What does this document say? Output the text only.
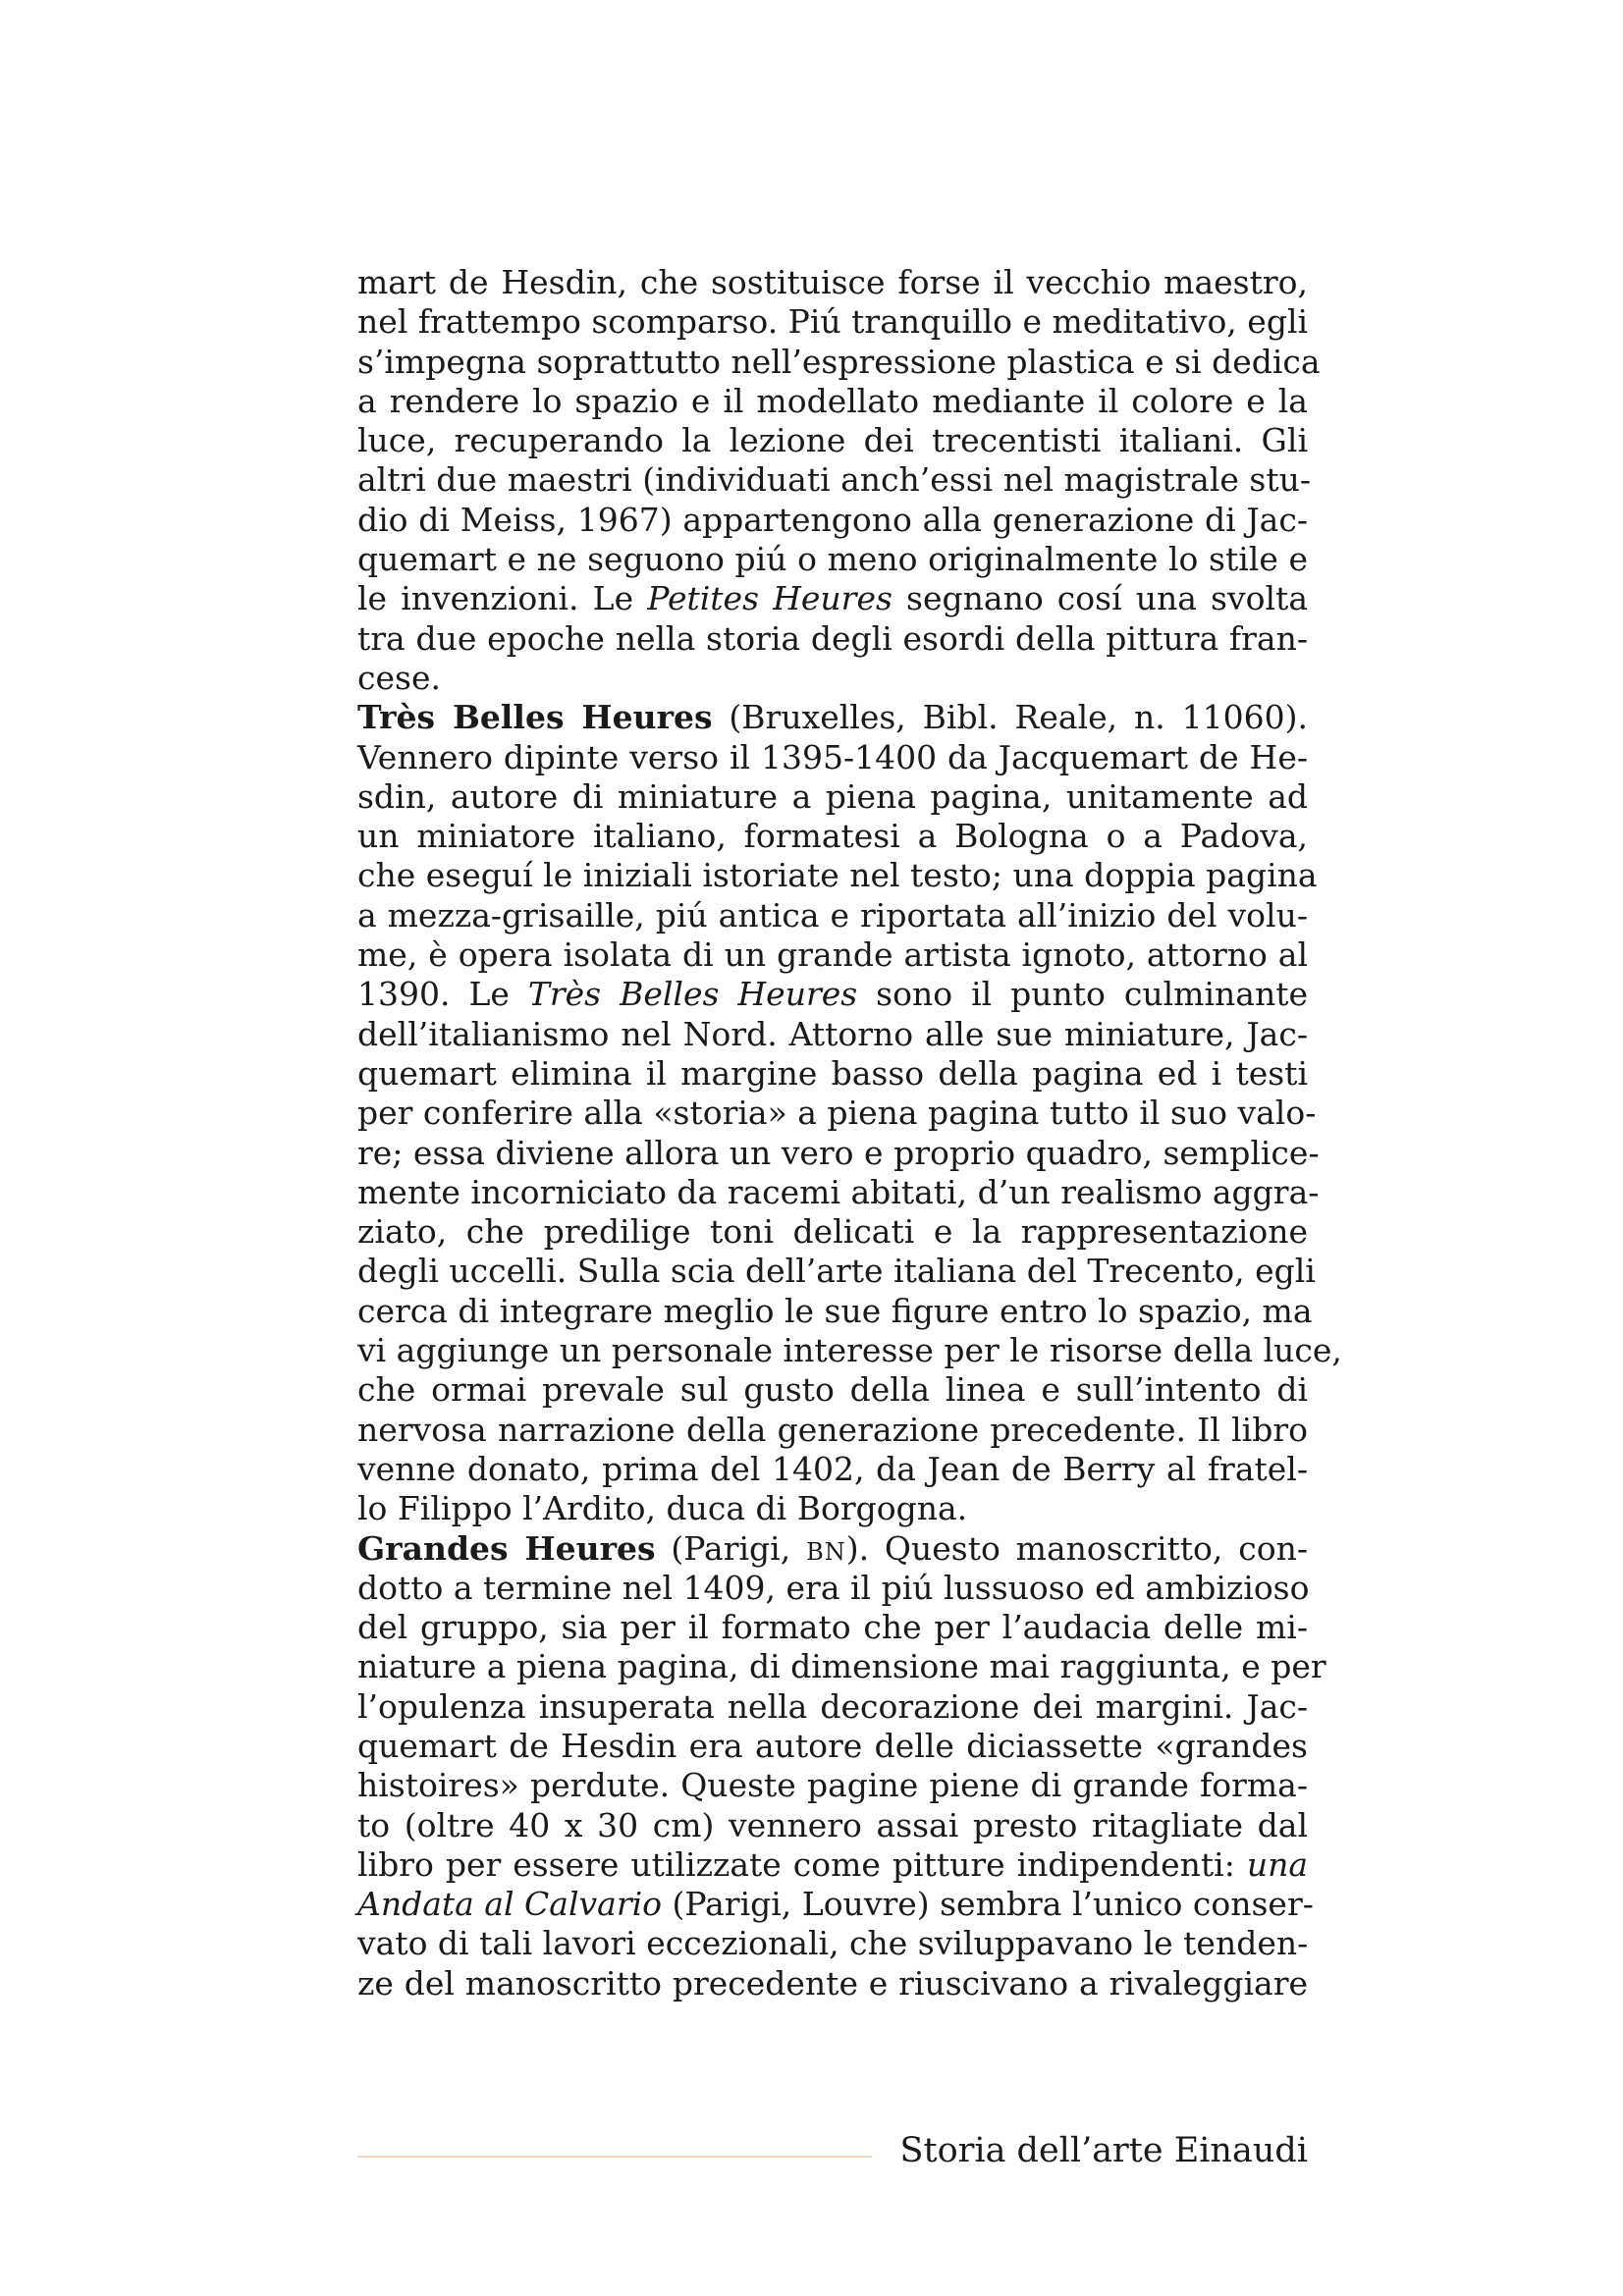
mart de Hesdin, che sostituisce forse il vecchio maestro,
nel frattempo scomparso. Piú tranquillo e meditativo, egli
s’impegna soprattutto nell’espressione plastica e si dedica
a rendere lo spazio e il modellato mediante il colore e la
luce, recuperando la lezione dei trecentisti italiani. Gli
altri due maestri (individuati anch’essi nel magistrale stu-
dio di Meiss, 1967) appartengono alla generazione di Jac-
quemart e ne seguono piú o meno originalmente lo stile e
le invenzioni. Le Petites Heures segnano cosí una svolta
tra due epoche nella storia degli esordi della pittura fran-
cese.
Très Belles Heures (Bruxelles, Bibl. Reale, n. 11060).
Vennero dipinte verso il 1395-1400 da Jacquemart de He-
sdin, autore di miniature a piena pagina, unitamente ad
un miniatore italiano, formatesi a Bologna o a Padova,
che eseguí le iniziali istoriate nel testo; una doppia pagina
a mezza-grisaille, piú antica e riportata all’inizio del volu-
me, è opera isolata di un grande artista ignoto, attorno al
1390. Le Très Belles Heures sono il punto culminante
dell’italianismo nel Nord. Attorno alle sue miniature, Jac-
quemart elimina il margine basso della pagina ed i testi
per conferire alla «storia» a piena pagina tutto il suo valo-
re; essa diviene allora un vero e proprio quadro, semplice-
mente incorniciato da racemi abitati, d’un realismo aggra-
ziato, che predilige toni delicati e la rappresentazione
degli uccelli. Sulla scia dell’arte italiana del Trecento, egli
cerca di integrare meglio le sue figure entro lo spazio, ma
vi aggiunge un personale interesse per le risorse della luce,
che ormai prevale sul gusto della linea e sull’intento di
nervosa narrazione della generazione precedente. Il libro
venne donato, prima del 1402, da Jean de Berry al fratel-
lo Filippo l’Ardito, duca di Borgogna.
Grandes Heures (Parigi, BN). Questo manoscritto, con-
dotto a termine nel 1409, era il piú lussuoso ed ambizioso
del gruppo, sia per il formato che per l’audacia delle mi-
niature a piena pagina, di dimensione mai raggiunta, e per
l’opulenza insuperata nella decorazione dei margini. Jac-
quemart de Hesdin era autore delle diciassette «grandes
histoires» perdute. Queste pagine piene di grande forma-
to (oltre 40 x 30 cm) vennero assai presto ritagliate dal
libro per essere utilizzate come pitture indipendenti: una
Andata al Calvario (Parigi, Louvre) sembra l’unico conser-
vato di tali lavori eccezionali, che sviluppavano le tenden-
ze del manoscritto precedente e riuscivano a rivaleggiare
Storia dell’arte Einaudi
